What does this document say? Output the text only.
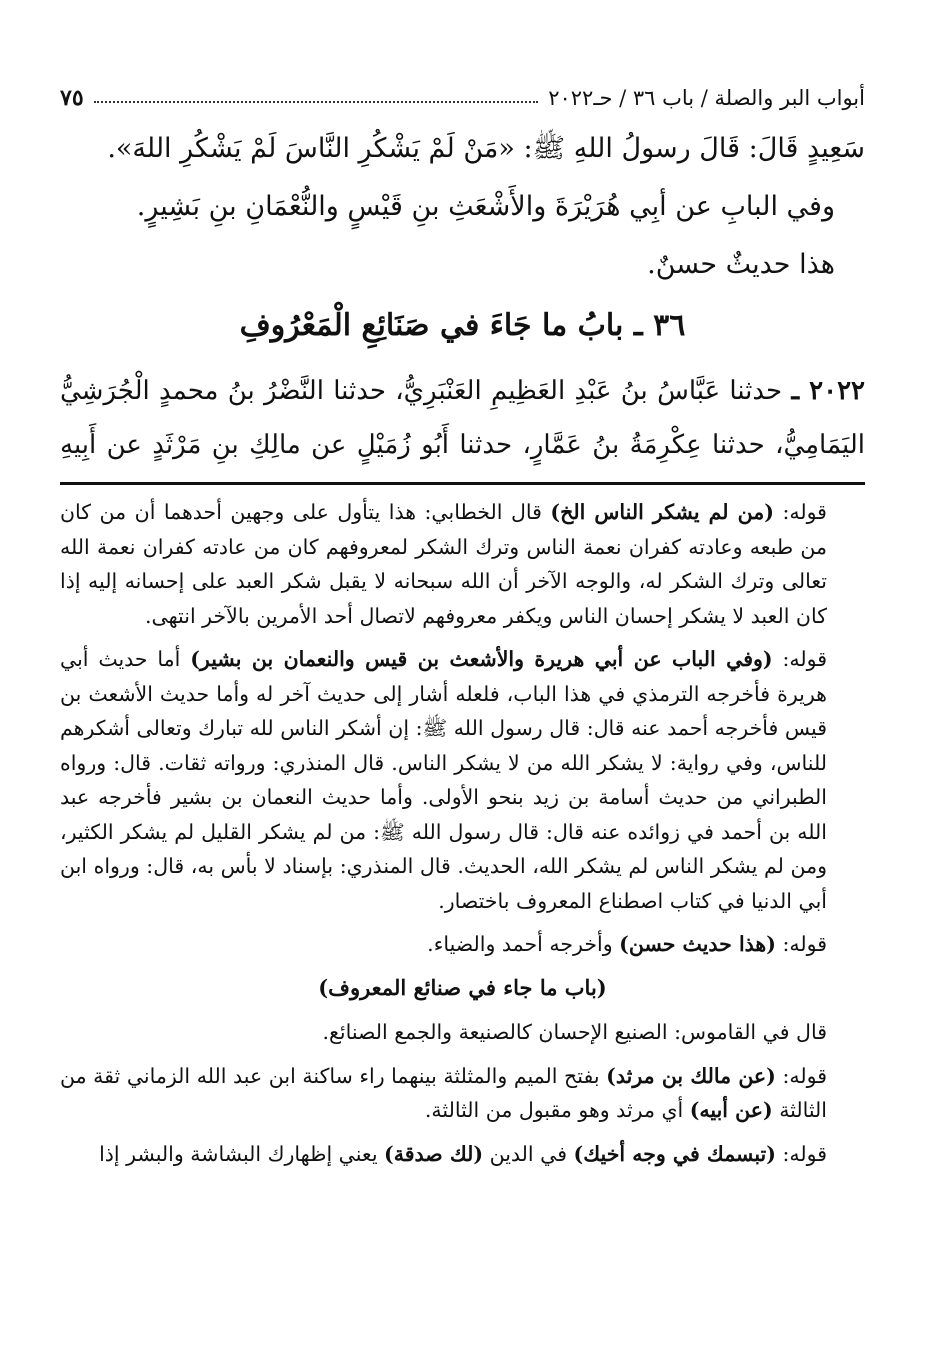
أبواب البر والصلة / باب ٣٦ / حـ٢٠٢٢
٧٥

سَعِيدٍ قَالَ: قَالَ رسولُ اللهِ ﷺ: «مَنْ لَمْ يَشْكُرِ النَّاسَ لَمْ يَشْكُرِ اللهَ».

وفي البابِ عن أبِي هُرَيْرَةَ والأَشْعَثِ بنِ قَيْسٍ والنُّعْمَانِ بنِ بَشِيرٍ.

هذا حديثٌ حسنٌ.

٣٦ ـ بابُ ما جَاءَ في صَنَائِعِ الْمَعْرُوفِ
٢٠٢٢ ـ حدثنا عَبَّاسُ بنُ عَبْدِ العَظِيمِ العَنْبَرِيُّ، حدثنا النَّضْرُ بنُ محمدٍ الْجُرَشِيُّ اليَمَامِيُّ، حدثنا عِكْرِمَةُ بنُ عَمَّارٍ، حدثنا أَبُو زُمَيْلٍ عن مالِكِ بنِ مَرْثَدٍ عن أَبِيهِ

قوله: (من لم يشكر الناس الخ) قال الخطابي: هذا يتأول على وجهين أحدهما أن من كان من طبعه وعادته كفران نعمة الناس وترك الشكر لمعروفهم كان من عادته كفران نعمة الله تعالى وترك الشكر له، والوجه الآخر أن الله سبحانه لا يقبل شكر العبد على إحسانه إليه إذا كان العبد لا يشكر إحسان الناس ويكفر معروفهم لاتصال أحد الأمرين بالآخر انتهى.

قوله: (وفي الباب عن أبي هريرة والأشعث بن قيس والنعمان بن بشير) أما حديث أبي هريرة فأخرجه الترمذي في هذا الباب، فلعله أشار إلى حديث آخر له وأما حديث الأشعث بن قيس فأخرجه أحمد عنه قال: قال رسول الله ﷺ: إن أشكر الناس لله تبارك وتعالى أشكرهم للناس، وفي رواية: لا يشكر الله من لا يشكر الناس. قال المنذري: ورواته ثقات. قال: ورواه الطبراني من حديث أسامة بن زيد بنحو الأولى. وأما حديث النعمان بن بشير فأخرجه عبد الله بن أحمد في زوائده عنه قال: قال رسول الله ﷺ: من لم يشكر القليل لم يشكر الكثير، ومن لم يشكر الناس لم يشكر الله، الحديث. قال المنذري: بإسناد لا بأس به، قال: ورواه ابن أبي الدنيا في كتاب اصطناع المعروف باختصار.

قوله: (هذا حديث حسن) وأخرجه أحمد والضياء.

(باب ما جاء في صنائع المعروف)

قال في القاموس: الصنيع الإحسان كالصنيعة والجمع الصنائع.

قوله: (عن مالك بن مرثد) بفتح الميم والمثلثة بينهما راء ساكنة ابن عبد الله الزماني ثقة من الثالثة (عن أبيه) أي مرثد وهو مقبول من الثالثة.

قوله: (تبسمك في وجه أخيك) في الدين (لك صدقة) يعني إظهارك البشاشة والبشر إذا
